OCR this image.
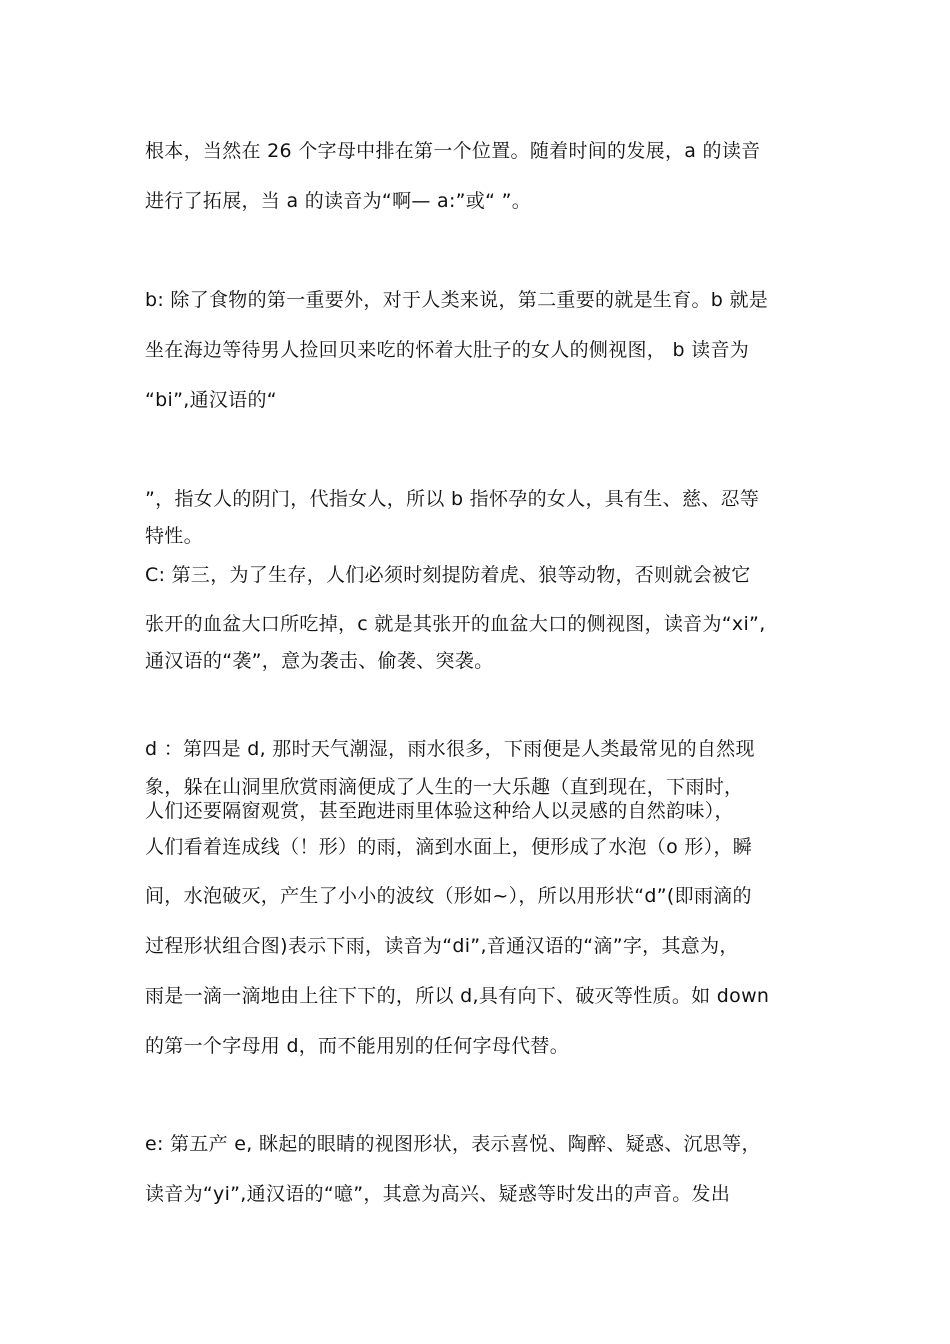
根本，当然在 26 个字母中排在第一个位置。随着时间的发展，a 的读音
进行了拓展，当 a 的读音为“啊— a:”或“ ”。
b: 除了食物的第一重要外，对于人类来说，第二重要的就是生育。b 就是
坐在海边等待男人捡回贝来吃的怀着大肚子的女人的侧视图， b 读音为
“bi”,通汉语的“
”，指女人的阴门，代指女人，所以 b 指怀孕的女人，具有生、慈、忍等
特性。
C: 第三，为了生存，人们必须时刻提防着虎、狼等动物，否则就会被它
张开的血盆大口所吃掉，c 就是其张开的血盆大口的侧视图，读音为“xi”,
通汉语的“袭”，意为袭击、偷袭、突袭。
d ：第四是 d, 那时天气潮湿，雨水很多，下雨便是人类最常见的自然现
象，躲在山洞里欣赏雨滴便成了人生的一大乐趣（直到现在，下雨时，
人们还要隔窗观赏，甚至跑进雨里体验这种给人以灵感的自然韵味），
人们看着连成线（！形）的雨，滴到水面上，便形成了水泡（o 形），瞬
间，水泡破灭，产生了小小的波纹（形如~），所以用形状“d”(即雨滴的
过程形状组合图)表示下雨，读音为“di”,音通汉语的“滴”字，其意为，
雨是一滴一滴地由上往下下的，所以 d,具有向下、破灭等性质。如 down
的第一个字母用 d，而不能用别的任何字母代替。
e: 第五产 e, 眯起的眼睛的视图形状，表示喜悦、陶醉、疑惑、沉思等，
读音为“yi”,通汉语的“噫”，其意为高兴、疑惑等时发出的声音。发出
